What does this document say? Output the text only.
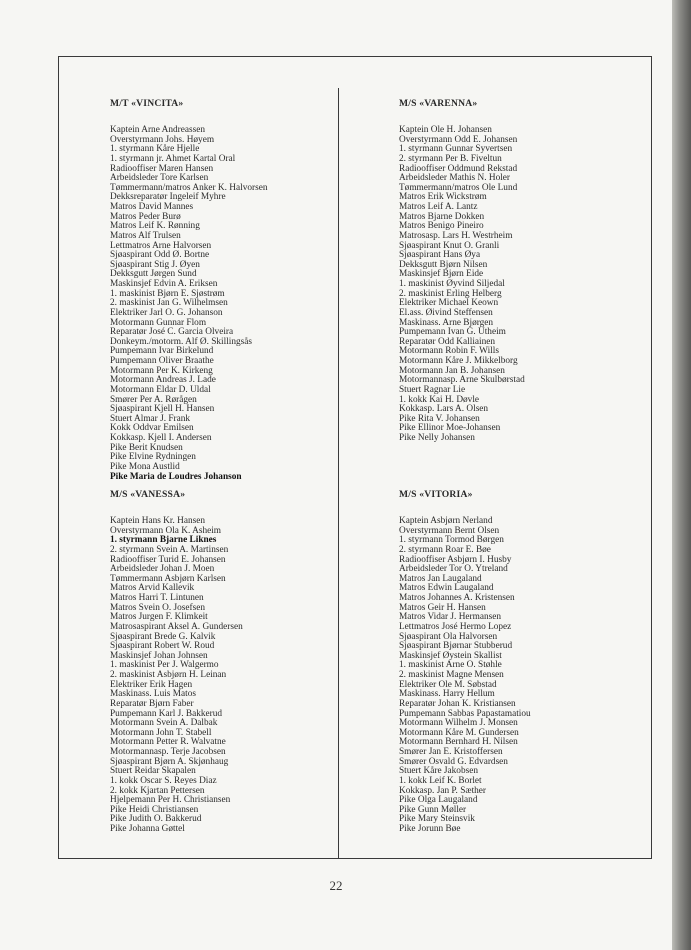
M/T «VINCITA»
Kaptein Arne Andreassen
Overstyrmann Johs. Høyem
1. styrmann Kåre Hjelle
1. styrmann jr. Ahmet Kartal Oral
Radiooffiser Maren Hansen
Arbeidsleder Tore Karlsen
Tømmermann/matros Anker K. Halvorsen
Dekksreparatør Ingeleif Myhre
Matros David Mannes
Matros Peder Burø
Matros Leif K. Rønning
Matros Alf Trulsen
Lettmatros Arne Halvorsen
Sjøaspirant Odd Ø. Bortne
Sjøaspirant Stig J. Øyen
Dekksgutt Jørgen Sund
Maskinsjef Edvin A. Eriksen
1. maskinist Bjørn E. Sjøstrøm
2. maskinist Jan G. Wilhelmsen
Elektriker Jarl O. G. Johanson
Motormann Gunnar Flom
Reparatør José C. Garcia Olveira
Donkeym./motorm. Alf Ø. Skillingsås
Pumpemann Ivar Birkelund
Pumpemann Oliver Braathe
Motormann Per K. Kirkeng
Motormann Andreas J. Lade
Motormann Eldar D. Uldal
Smører Per A. Rørågen
Sjøaspirant Kjell H. Hansen
Stuert Almar J. Frank
Kokk Oddvar Emilsen
Kokkasp. Kjell I. Andersen
Pike Berit Knudsen
Pike Elvine Rydningen
Pike Mona Austlid
Pike Maria de Loudres Johanson
M/S «VARENNA»
Kaptein Ole H. Johansen
Overstyrmann Odd E. Johansen
1. styrmann Gunnar Syvertsen
2. styrmann Per B. Fiveltun
Radiooffiser Oddmund Rekstad
Arbeidsleder Mathis N. Holer
Tømmermann/matros Ole Lund
Matros Erik Wickstrøm
Matros Leif A. Lantz
Matros Bjarne Dokken
Matros Benigo Pineiro
Matrosasp. Lars H. Westrheim
Sjøaspirant Knut O. Granli
Sjøaspirant Hans Øya
Dekksgutt Bjørn Nilsen
Maskinsjef Bjørn Eide
1. maskinist Øyvind Siljedal
2. maskinist Erling Helberg
Elektriker Michael Keown
El.ass. Øivind Steffensen
Maskinass. Arne Bjørgen
Pumpemann Ivan G. Utheim
Reparatør Odd Kalliainen
Motormann Robin F. Wills
Motormann Kåre J. Mikkelborg
Motormann Jan B. Johansen
Motormannasp. Arne Skulbørstad
Stuert Ragnar Lie
1. kokk Kai H. Døvle
Kokkasp. Lars A. Olsen
Pike Rita V. Johansen
Pike Ellinor Moe-Johansen
Pike Nelly Johansen
M/S «VANESSA»
Kaptein Hans Kr. Hansen
Overstyrmann Ola K. Asheim
1. styrmann Bjarne Liknes
2. styrmann Svein A. Martinsen
Radiooffiser Turid E. Johansen
Arbeidsleder Johan J. Moen
Tømmermann Asbjørn Karlsen
Matros Arvid Kallevik
Matros Harri T. Lintunen
Matros Svein O. Josefsen
Matros Jurgen F. Klimkeit
Matrosaspirant Aksel A. Gundersen
Sjøaspirant Brede G. Kalvik
Sjøaspirant Robert W. Roud
Maskinsjef Johan Johnsen
1. maskinist Per J. Walgermo
2. maskinist Asbjørn H. Leinan
Elektriker Erik Hagen
Maskinass. Luis Matos
Reparatør Bjørn Faber
Pumpemann Karl J. Bakkerud
Motormann Svein A. Dalbak
Motormann John T. Stabell
Motormann Petter R. Walvatne
Motormannasp. Terje Jacobsen
Sjøaspirant Bjørn A. Skjønhaug
Stuert Reidar Skapalen
1. kokk Oscar S. Reyes Diaz
2. kokk Kjartan Pettersen
Hjelpemann Per H. Christiansen
Pike Heidi Christiansen
Pike Judith O. Bakkerud
Pike Johanna Gøttel
M/S «VITORIA»
Kaptein Asbjørn Nerland
Overstyrmann Bernt Olsen
1. styrmann Tormod Børgen
2. styrmann Roar E. Bøe
Radiooffiser Asbjørn I. Husby
Arbeidsleder Tor O. Ytreland
Matros Jan Laugaland
Matros Edwin Laugaland
Matros Johannes A. Kristensen
Matros Geir H. Hansen
Matros Vidar J. Hermansen
Lettmatros José Hermo Lopez
Sjøaspirant Ola Halvorsen
Sjøaspirant Bjørnar Stubberud
Maskinsjef Øystein Skallist
1. maskinist Arne O. Støhle
2. maskinist Magne Mensen
Elektriker Ole M. Søbstad
Maskinass. Harry Hellum
Reparatør Johan K. Kristiansen
Pumpemann Sabbas Papastamatiou
Motormann Wilhelm J. Monsen
Motormann Kåre M. Gundersen
Motormann Bernhard H. Nilsen
Smører Jan E. Kristoffersen
Smører Osvald G. Edvardsen
Stuert Kåre Jakobsen
1. kokk Leif K. Borlet
Kokkasp. Jan P. Sæther
Pike Olga Laugaland
Pike Gunn Møller
Pike Mary Steinsvik
Pike Jorunn Bøe
22
